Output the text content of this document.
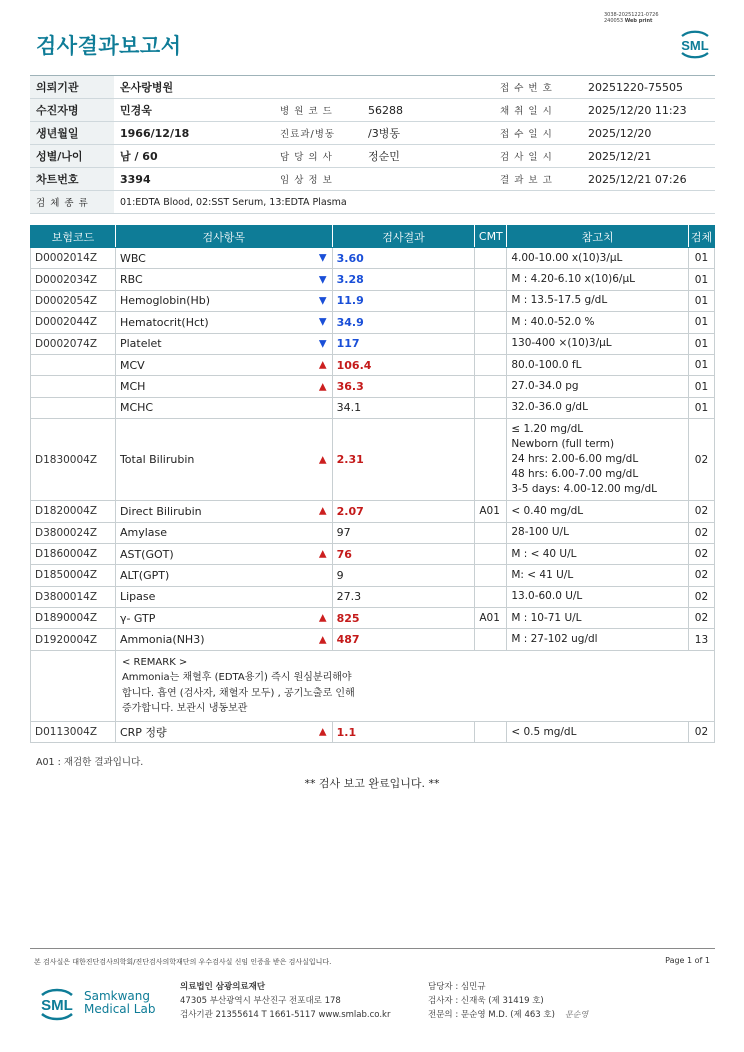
3038-20251221-0726
240053 Web print
검사결과보고서	SML
의뢰기관	온사랑병원			접 수 번 호	20251220-75505
수진자명	민경욱	병 원 코 드	56288	채 취 일 시	2025/12/20 11:23
생년월일	1966/12/18	진료과/병동	/3병동	접 수 일 시	2025/12/20
성별/나이	남 / 60	담 당 의 사	정순민	검 사 일 시	2025/12/21
차트번호	3394	임 상 정 보		결 과 보 고	2025/12/21 07:26
검 체 종 류	01:EDTA Blood, 02:SST Serum, 13:EDTA Plasma				
보험코드	검사항목	검사결과	CMT	참고치	검체
D0002014Z	WBC ▼	3.60		4.00-10.00 x(10)3/µL	01
D0002034Z	RBC ▼	3.28		M : 4.20-6.10 x(10)6/µL	01
D0002054Z	Hemoglobin(Hb) ▼	11.9		M : 13.5-17.5 g/dL	01
D0002044Z	Hematocrit(Hct) ▼	34.9		M : 40.0-52.0 %	01
D0002074Z	Platelet ▼	117		130-400 ×(10)3/µL	01
	MCV ▲	106.4		80.0-100.0 fL	01
	MCH ▲	36.3		27.0-34.0 pg	01
	MCHC	34.1		32.0-36.0 g/dL	01
D1830004Z	Total Bilirubin ▲	2.31		≤ 1.20 mg/dL
Newborn (full term)
24 hrs: 2.00-6.00 mg/dL
48 hrs: 6.00-7.00 mg/dL
3-5 days: 4.00-12.00 mg/dL	02
D1820004Z	Direct Bilirubin ▲	2.07	A01	< 0.40 mg/dL	02
D3800024Z	Amylase	97		28-100 U/L	02
D1860004Z	AST(GOT) ▲	76		M : < 40 U/L	02
D1850004Z	ALT(GPT)	9		M: < 41 U/L	02
D3800014Z	Lipase	27.3		13.0-60.0 U/L	02
D1890004Z	γ- GTP ▲	825	A01	M : 10-71 U/L	02
D1920004Z	Ammonia(NH3) ▲	487		M : 27-102 ug/dl	13
	< REMARK >
Ammonia는 채혈후 (EDTA용기) 즉시 원심분리해야
합니다. 흡연 (검사자, 채혈자 모두) , 공기노출로 인해
증가합니다. 보관시 냉동보관				
D0113004Z	CRP 정량 ▲	1.1		< 0.5 mg/dL	02
A01 : 재검한 결과입니다.
** 검사 보고 완료입니다. **
본 검사실은 대한진단검사의학회/진단검사의학재단의 우수검사실 신임 인증을 받은 검사실입니다.	Page 1 of 1
SML
Samkwang
Medical Lab
의료법인 삼광의료재단
47305 부산광역시 부산진구 전포대로 178
검사기관 21355614 T 1661-5117 www.smlab.co.kr
담당자 : 심민규
검사자 : 신재욱 (제 31419 호)
전문의 : 문순영 M.D. (제 463 호) 문순영
